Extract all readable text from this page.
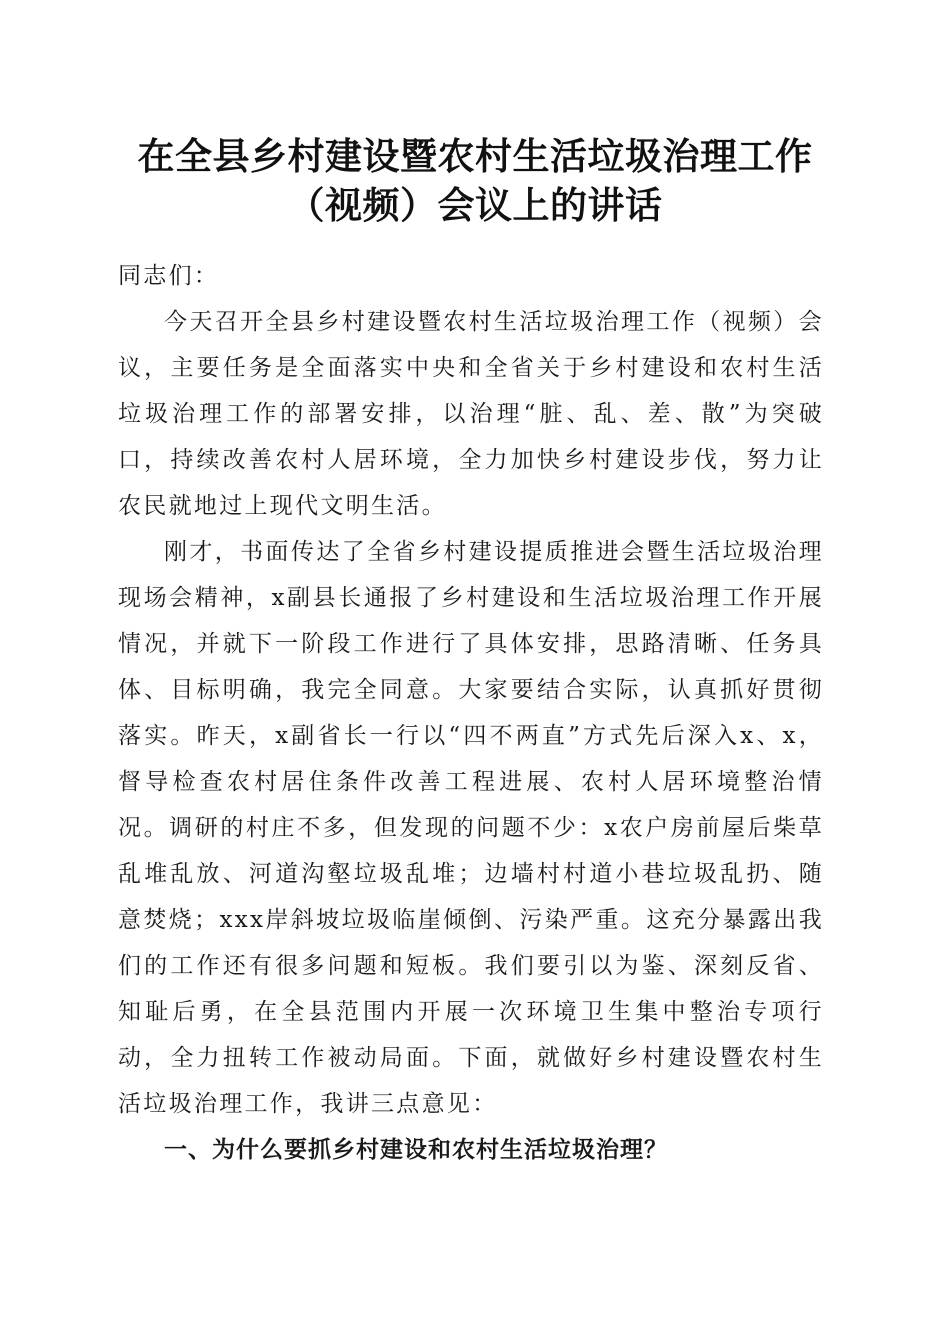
在全县乡村建设暨农村生活垃圾治理工作（视频）会议上的讲话

同志们：

今天召开全县乡村建设暨农村生活垃圾治理工作（视频）会议，主要任务是全面落实中央和全省关于乡村建设和农村生活垃圾治理工作的部署安排，以治理“脏、乱、差、散”为突破口，持续改善农村人居环境，全力加快乡村建设步伐，努力让农民就地过上现代文明生活。

刚才，书面传达了全省乡村建设提质推进会暨生活垃圾治理现场会精神，x副县长通报了乡村建设和生活垃圾治理工作开展情况，并就下一阶段工作进行了具体安排，思路清晰、任务具体、目标明确，我完全同意。大家要结合实际，认真抓好贯彻落实。昨天，x副省长一行以“四不两直”方式先后深入x、x，督导检查农村居住条件改善工程进展、农村人居环境整治情况。调研的村庄不多，但发现的问题不少：x农户房前屋后柴草乱堆乱放、河道沟壑垃圾乱堆；边墙村村道小巷垃圾乱扔、随意焚烧；xxx岸斜坡垃圾临崖倾倒、污染严重。这充分暴露出我们的工作还有很多问题和短板。我们要引以为鉴、深刻反省、知耻后勇，在全县范围内开展一次环境卫生集中整治专项行动，全力扭转工作被动局面。下面，就做好乡村建设暨农村生活垃圾治理工作，我讲三点意见：

一、为什么要抓乡村建设和农村生活垃圾治理？
